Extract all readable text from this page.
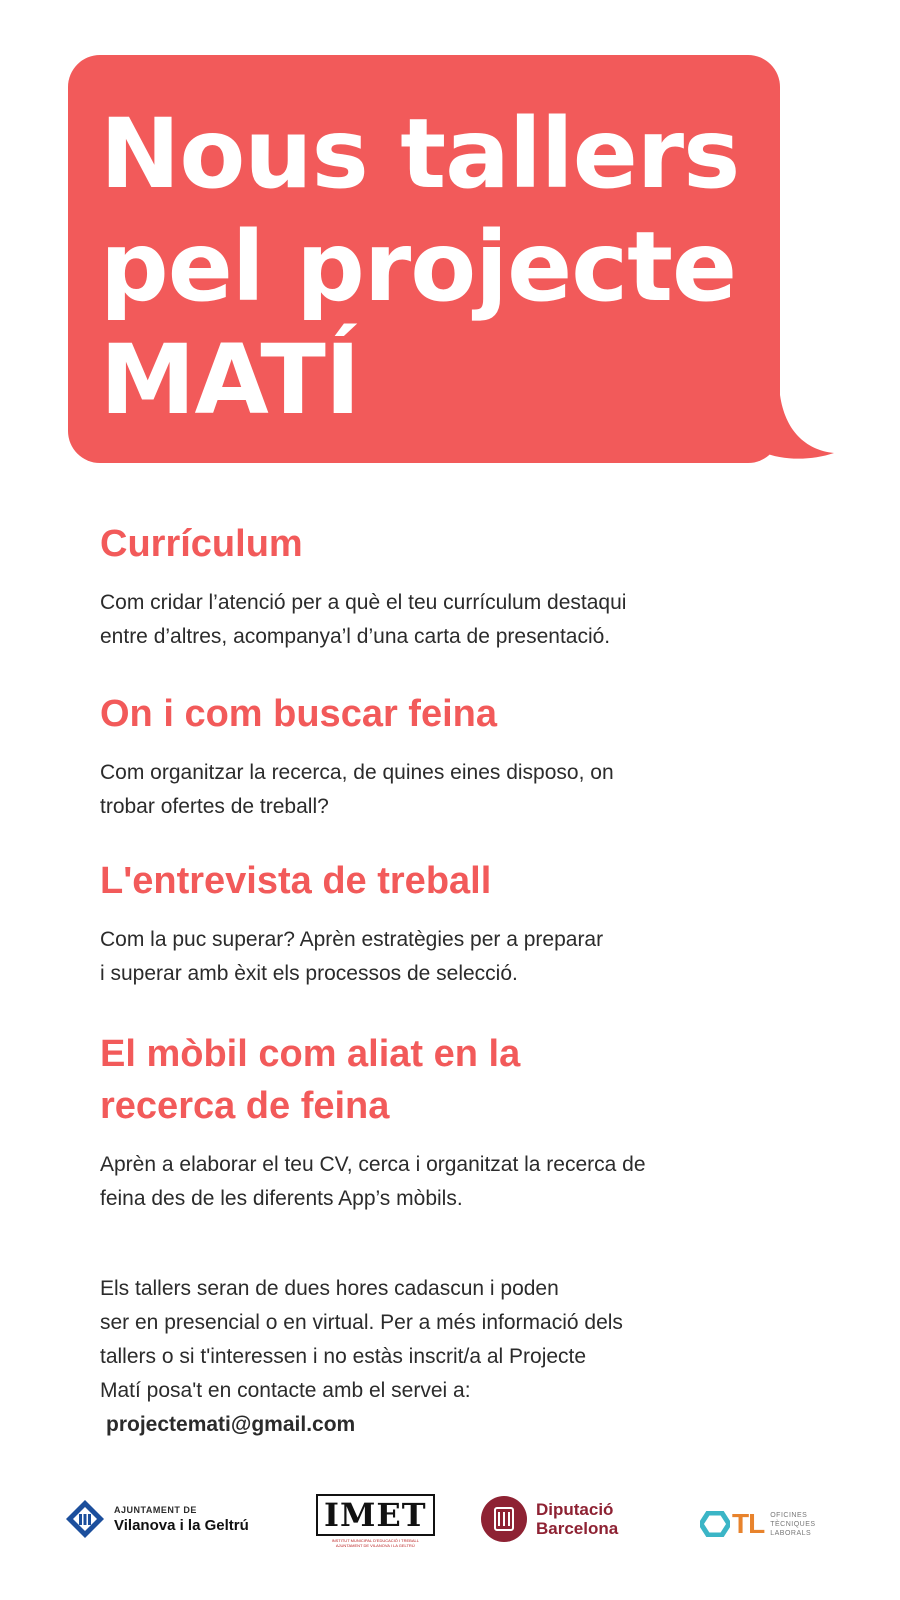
Nous tallers
pel projecte
MATÍ
Currículum

Com cridar l’atenció per a què el teu currículum destaqui
entre d’altres, acompanya’l d’una carta de presentació.

On i com buscar feina

Com organitzar la recerca, de quines eines disposo, on
trobar ofertes de treball?

L'entrevista de treball

Com la puc superar? Aprèn estratègies per a preparar
i superar amb èxit els processos de selecció.

El mòbil com aliat en la
recerca de feina

Aprèn a elaborar el teu CV, cerca i organitzat la recerca de
feina des de les diferents App’s mòbils.

Els tallers seran de dues hores cadascun i poden
ser en presencial o en virtual. Per a més informació dels
tallers o si t'interessen i no estàs inscrit/a al Projecte
Matí posa't en contacte amb el servei a:
projectemati@gmail.com

AJUNTAMENT DE
Vilanova i la Geltrú IMET
INSTITUT MUNICIPAL D'EDUCACIÓ I TREBALL
AJUNTAMENT DE VILANOVA I LA GELTRÚ
Diputació
Barcelona	TL OFICINES
TÈCNIQUES
LABORALS
